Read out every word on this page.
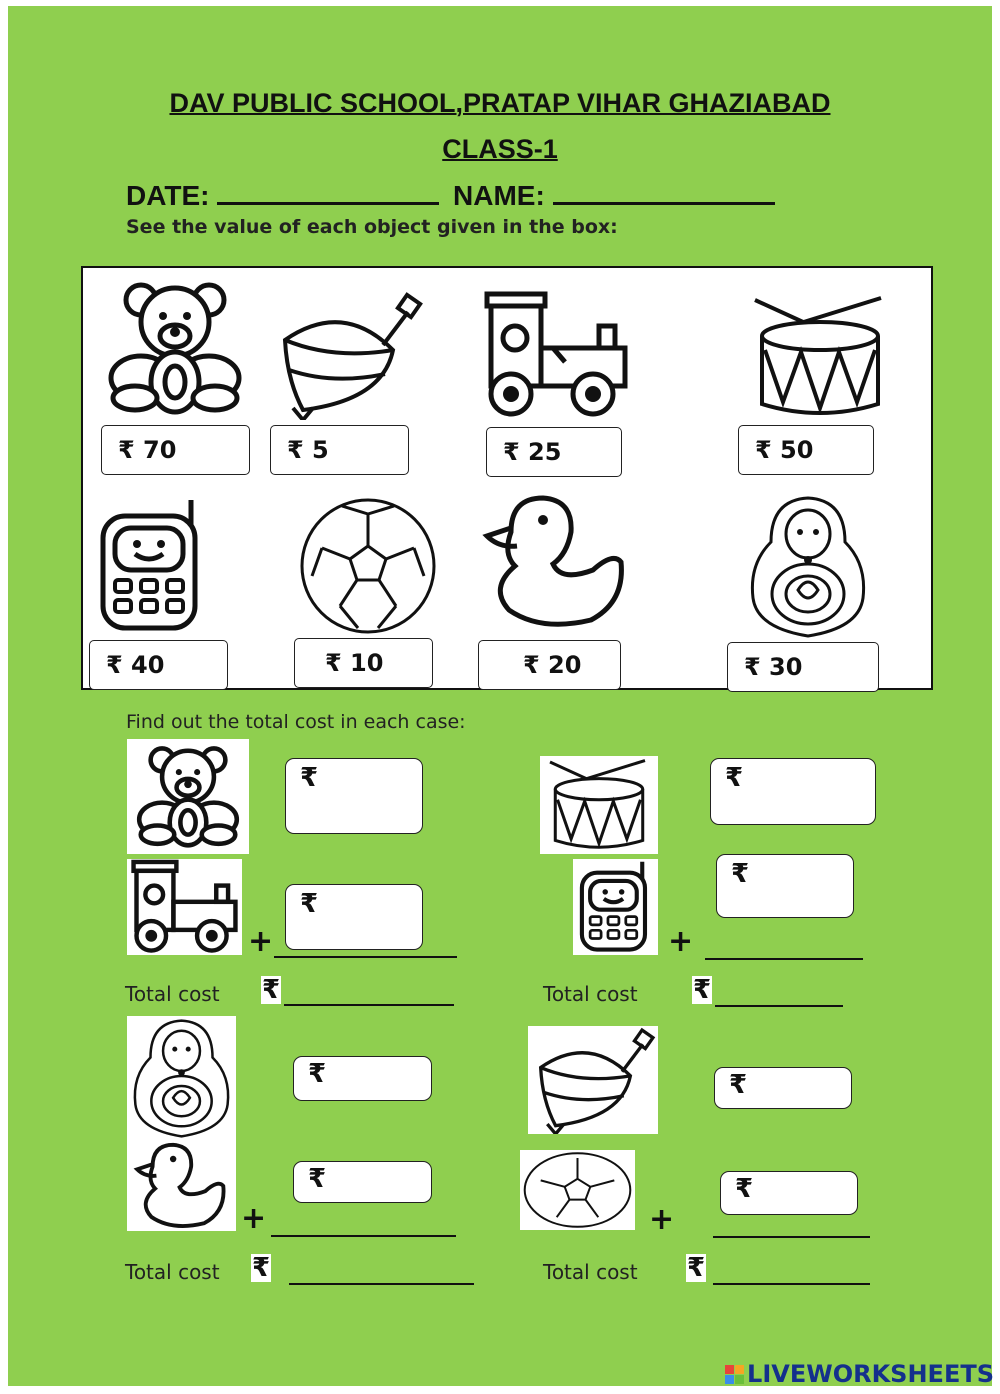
DAV PUBLIC SCHOOL,PRATAP VIHAR GHAZIABAD
CLASS-1
DATE:	NAME:
See the value of each object given in the box:
₹ 70	₹ 5	₹ 25	₹ 50
₹ 40	₹ 10	₹ 20	₹ 30
Find out the total cost in each case:
₹
+
₹
Total cost ₹
₹
+
₹
Total cost ₹
₹
+
₹
Total cost ₹
₹
+
₹
Total cost ₹
LIVEWORKSHEETS
